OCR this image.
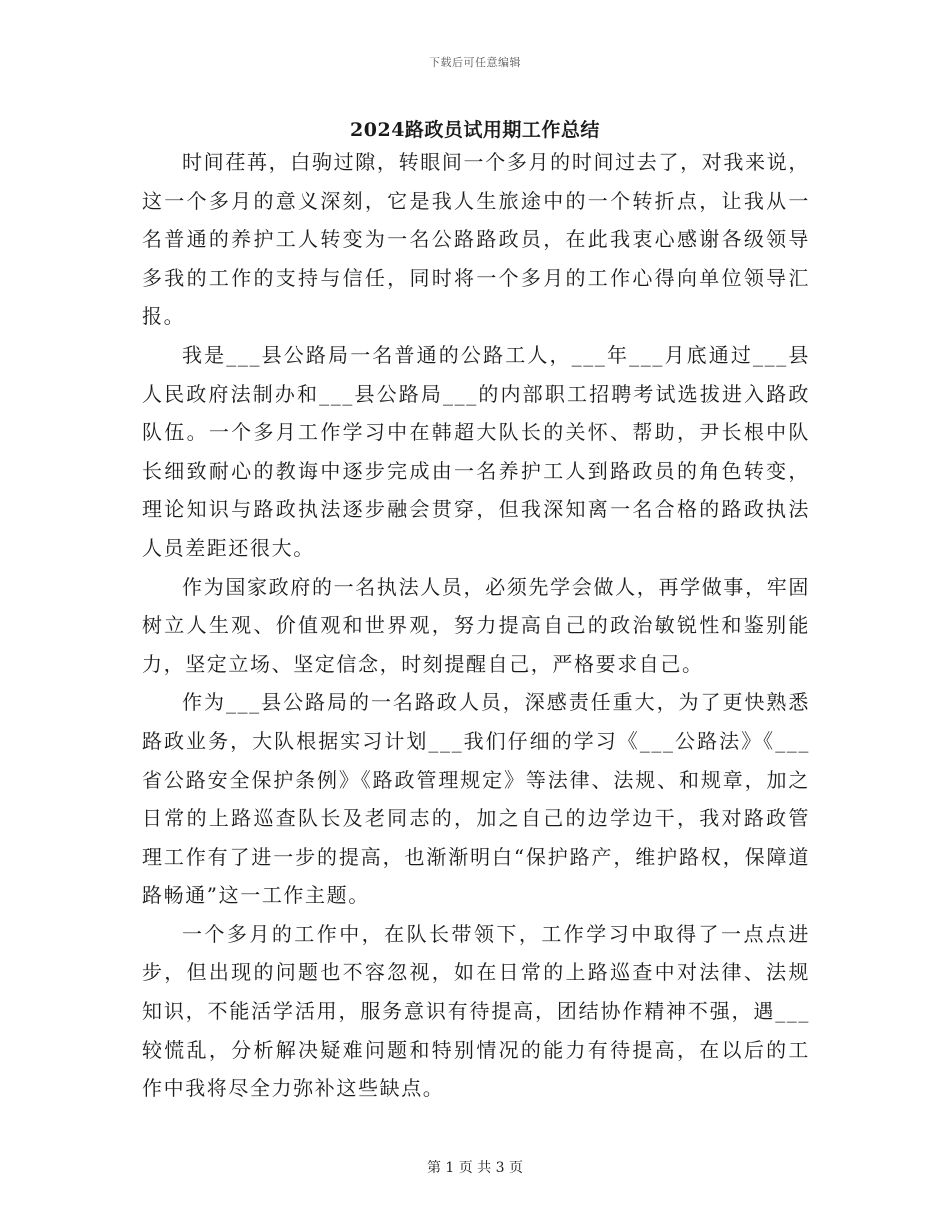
下载后可任意编辑
2024路政员试用期工作总结

时间荏苒，白驹过隙，转眼间一个多月的时间过去了，对我来说，这一个多月的意义深刻，它是我人生旅途中的一个转折点，让我从一名普通的养护工人转变为一名公路路政员，在此我衷心感谢各级领导多我的工作的支持与信任，同时将一个多月的工作心得向单位领导汇报。

我是___县公路局一名普通的公路工人，___年___月底通过___县人民政府法制办和___县公路局___的内部职工招聘考试选拔进入路政队伍。一个多月工作学习中在韩超大队长的关怀、帮助，尹长根中队长细致耐心的教诲中逐步完成由一名养护工人到路政员的角色转变，理论知识与路政执法逐步融会贯穿，但我深知离一名合格的路政执法人员差距还很大。

作为国家政府的一名执法人员，必须先学会做人，再学做事，牢固树立人生观、价值观和世界观，努力提高自己的政治敏锐性和鉴别能力，坚定立场、坚定信念，时刻提醒自己，严格要求自己。

作为___县公路局的一名路政人员，深感责任重大，为了更快熟悉路政业务，大队根据实习计划___我们仔细的学习《___公路法》《___省公路安全保护条例》《路政管理规定》等法律、法规、和规章，加之日常的上路巡查队长及老同志的，加之自己的边学边干，我对路政管理工作有了进一步的提高，也渐渐明白“保护路产，维护路权，保障道路畅通”这一工作主题。

一个多月的工作中，在队长带领下，工作学习中取得了一点点进步，但出现的问题也不容忽视，如在日常的上路巡查中对法律、法规知识，不能活学活用，服务意识有待提高，团结协作精神不强，遇___较慌乱，分析解决疑难问题和特别情况的能力有待提高，在以后的工作中我将尽全力弥补这些缺点。

第 1 页 共 3 页
